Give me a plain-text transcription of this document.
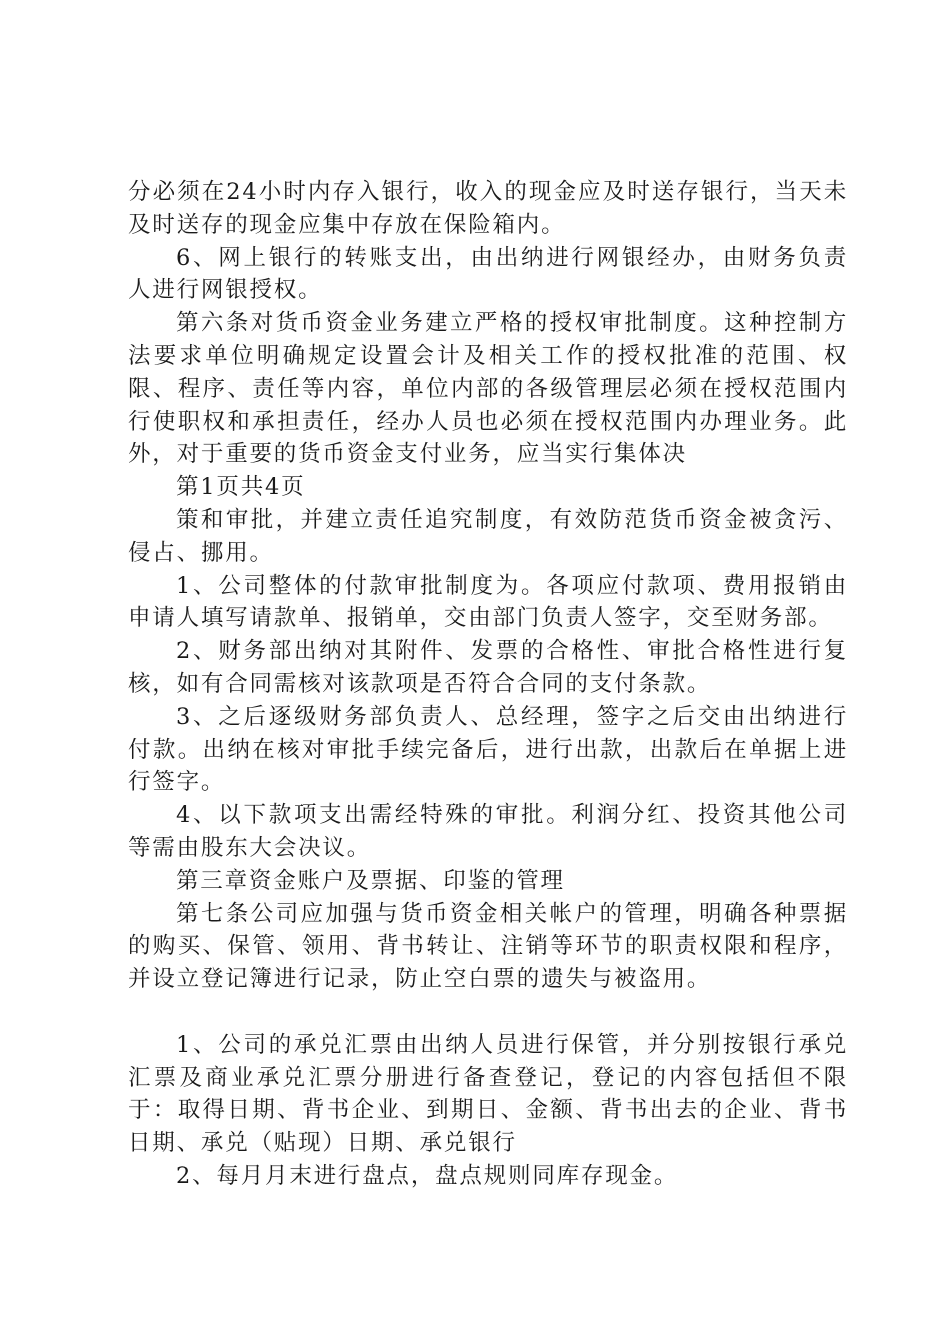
分必须在24小时内存入银行，收入的现金应及时送存银行，当天未及时送存的现金应集中存放在保险箱内。

6、网上银行的转账支出，由出纳进行网银经办，由财务负责人进行网银授权。

第六条对货币资金业务建立严格的授权审批制度。这种控制方法要求单位明确规定设置会计及相关工作的授权批准的范围、权限、程序、责任等内容，单位内部的各级管理层必须在授权范围内行使职权和承担责任，经办人员也必须在授权范围内办理业务。此外，对于重要的货币资金支付业务，应当实行集体决

第1页共4页

策和审批，并建立责任追究制度，有效防范货币资金被贪污、侵占、挪用。

1、公司整体的付款审批制度为。各项应付款项、费用报销由申请人填写请款单、报销单，交由部门负责人签字，交至财务部。

2、财务部出纳对其附件、发票的合格性、审批合格性进行复核，如有合同需核对该款项是否符合合同的支付条款。

3、之后逐级财务部负责人、总经理，签字之后交由出纳进行付款。出纳在核对审批手续完备后，进行出款，出款后在单据上进行签字。

4、以下款项支出需经特殊的审批。利润分红、投资其他公司等需由股东大会决议。

第三章资金账户及票据、印鉴的管理

第七条公司应加强与货币资金相关帐户的管理，明确各种票据的购买、保管、领用、背书转让、注销等环节的职责权限和程序，并设立登记簿进行记录，防止空白票的遗失与被盗用。

1、公司的承兑汇票由出纳人员进行保管，并分别按银行承兑汇票及商业承兑汇票分册进行备查登记，登记的内容包括但不限于：取得日期、背书企业、到期日、金额、背书出去的企业、背书日期、承兑（贴现）日期、承兑银行

2、每月月末进行盘点，盘点规则同库存现金。
